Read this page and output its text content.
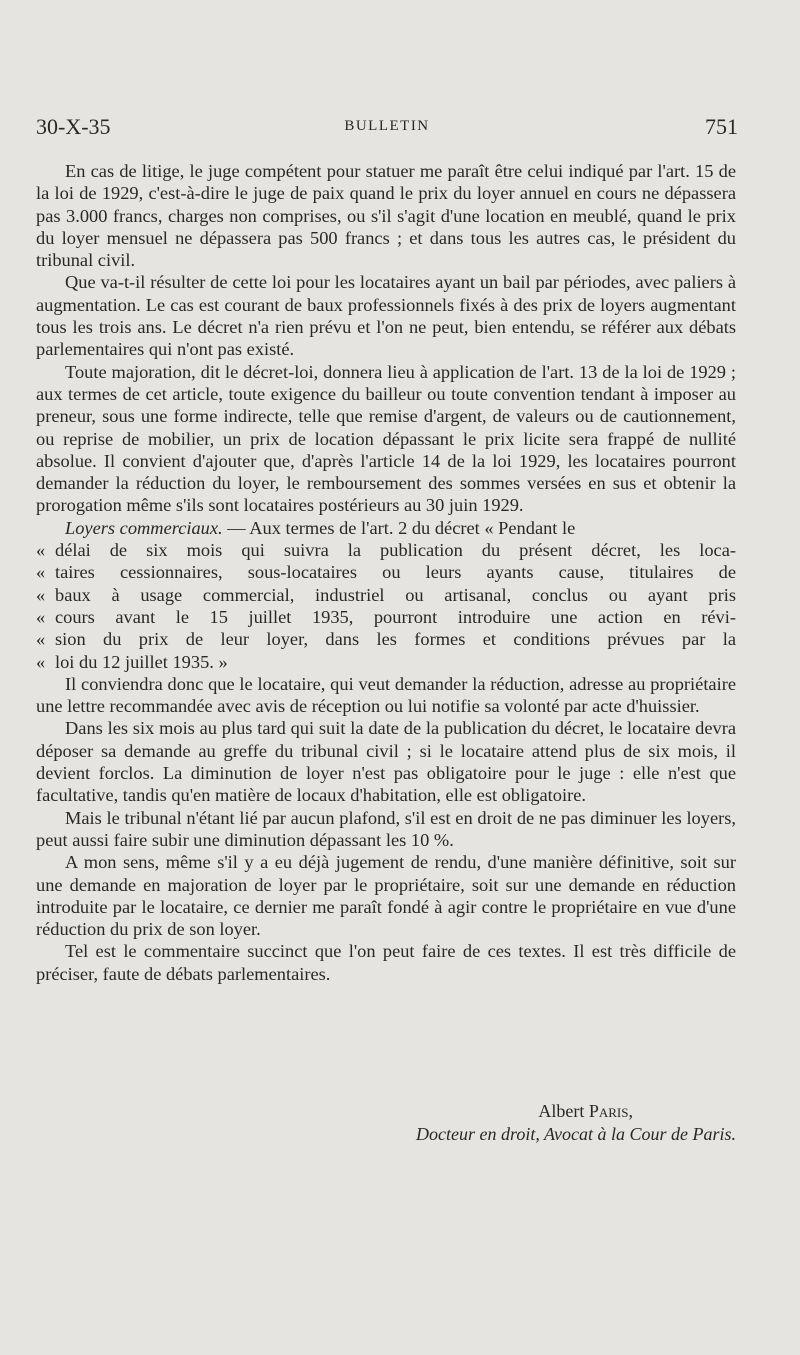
30-X-35	BULLETIN	751

En cas de litige, le juge compétent pour statuer me paraît être celui indiqué par l'art. 15 de la loi de 1929, c'est-à-dire le juge de paix quand le prix du loyer annuel en cours ne dépassera pas 3.000 francs, charges non comprises, ou s'il s'agit d'une location en meublé, quand le prix du loyer mensuel ne dépassera pas 500 francs ; et dans tous les autres cas, le président du tribunal civil.

Que va-t-il résulter de cette loi pour les locataires ayant un bail par périodes, avec paliers à augmentation. Le cas est courant de baux professionnels fixés à des prix de loyers augmentant tous les trois ans. Le décret n'a rien prévu et l'on ne peut, bien entendu, se référer aux débats parlementaires qui n'ont pas existé.

Toute majoration, dit le décret-loi, donnera lieu à application de l'art. 13 de la loi de 1929 ; aux termes de cet article, toute exigence du bailleur ou toute convention tendant à imposer au preneur, sous une forme indirecte, telle que remise d'argent, de valeurs ou de cautionnement, ou reprise de mobilier, un prix de location dépassant le prix licite sera frappé de nullité absolue. Il convient d'ajouter que, d'après l'article 14 de la loi 1929, les locataires pourront demander la réduction du loyer, le remboursement des sommes versées en sus et obtenir la prorogation même s'ils sont locataires postérieurs au 30 juin 1929.

Loyers commerciaux. — Aux termes de l'art. 2 du décret « Pendant le

« délai de six mois qui suivra la publication du présent décret, les loca-
« taires cessionnaires, sous-locataires ou leurs ayants cause, titulaires de
« baux à usage commercial, industriel ou artisanal, conclus ou ayant pris
« cours avant le 15 juillet 1935, pourront introduire une action en révi-
« sion du prix de leur loyer, dans les formes et conditions prévues par la
« loi du 12 juillet 1935. »

Il conviendra donc que le locataire, qui veut demander la réduction, adresse au propriétaire une lettre recommandée avec avis de réception ou lui notifie sa volonté par acte d'huissier.

Dans les six mois au plus tard qui suit la date de la publication du décret, le locataire devra déposer sa demande au greffe du tribunal civil ; si le locataire attend plus de six mois, il devient forclos. La diminution de loyer n'est pas obligatoire pour le juge : elle n'est que facultative, tandis qu'en matière de locaux d'habitation, elle est obligatoire.

Mais le tribunal n'étant lié par aucun plafond, s'il est en droit de ne pas diminuer les loyers, peut aussi faire subir une diminution dépassant les 10 %.

A mon sens, même s'il y a eu déjà jugement de rendu, d'une manière définitive, soit sur une demande en majoration de loyer par le propriétaire, soit sur une demande en réduction introduite par le locataire, ce dernier me paraît fondé à agir contre le propriétaire en vue d'une réduction du prix de son loyer.

Tel est le commentaire succinct que l'on peut faire de ces textes. Il est très difficile de préciser, faute de débats parlementaires.

Albert Paris,
Docteur en droit, Avocat à la Cour de Paris.
